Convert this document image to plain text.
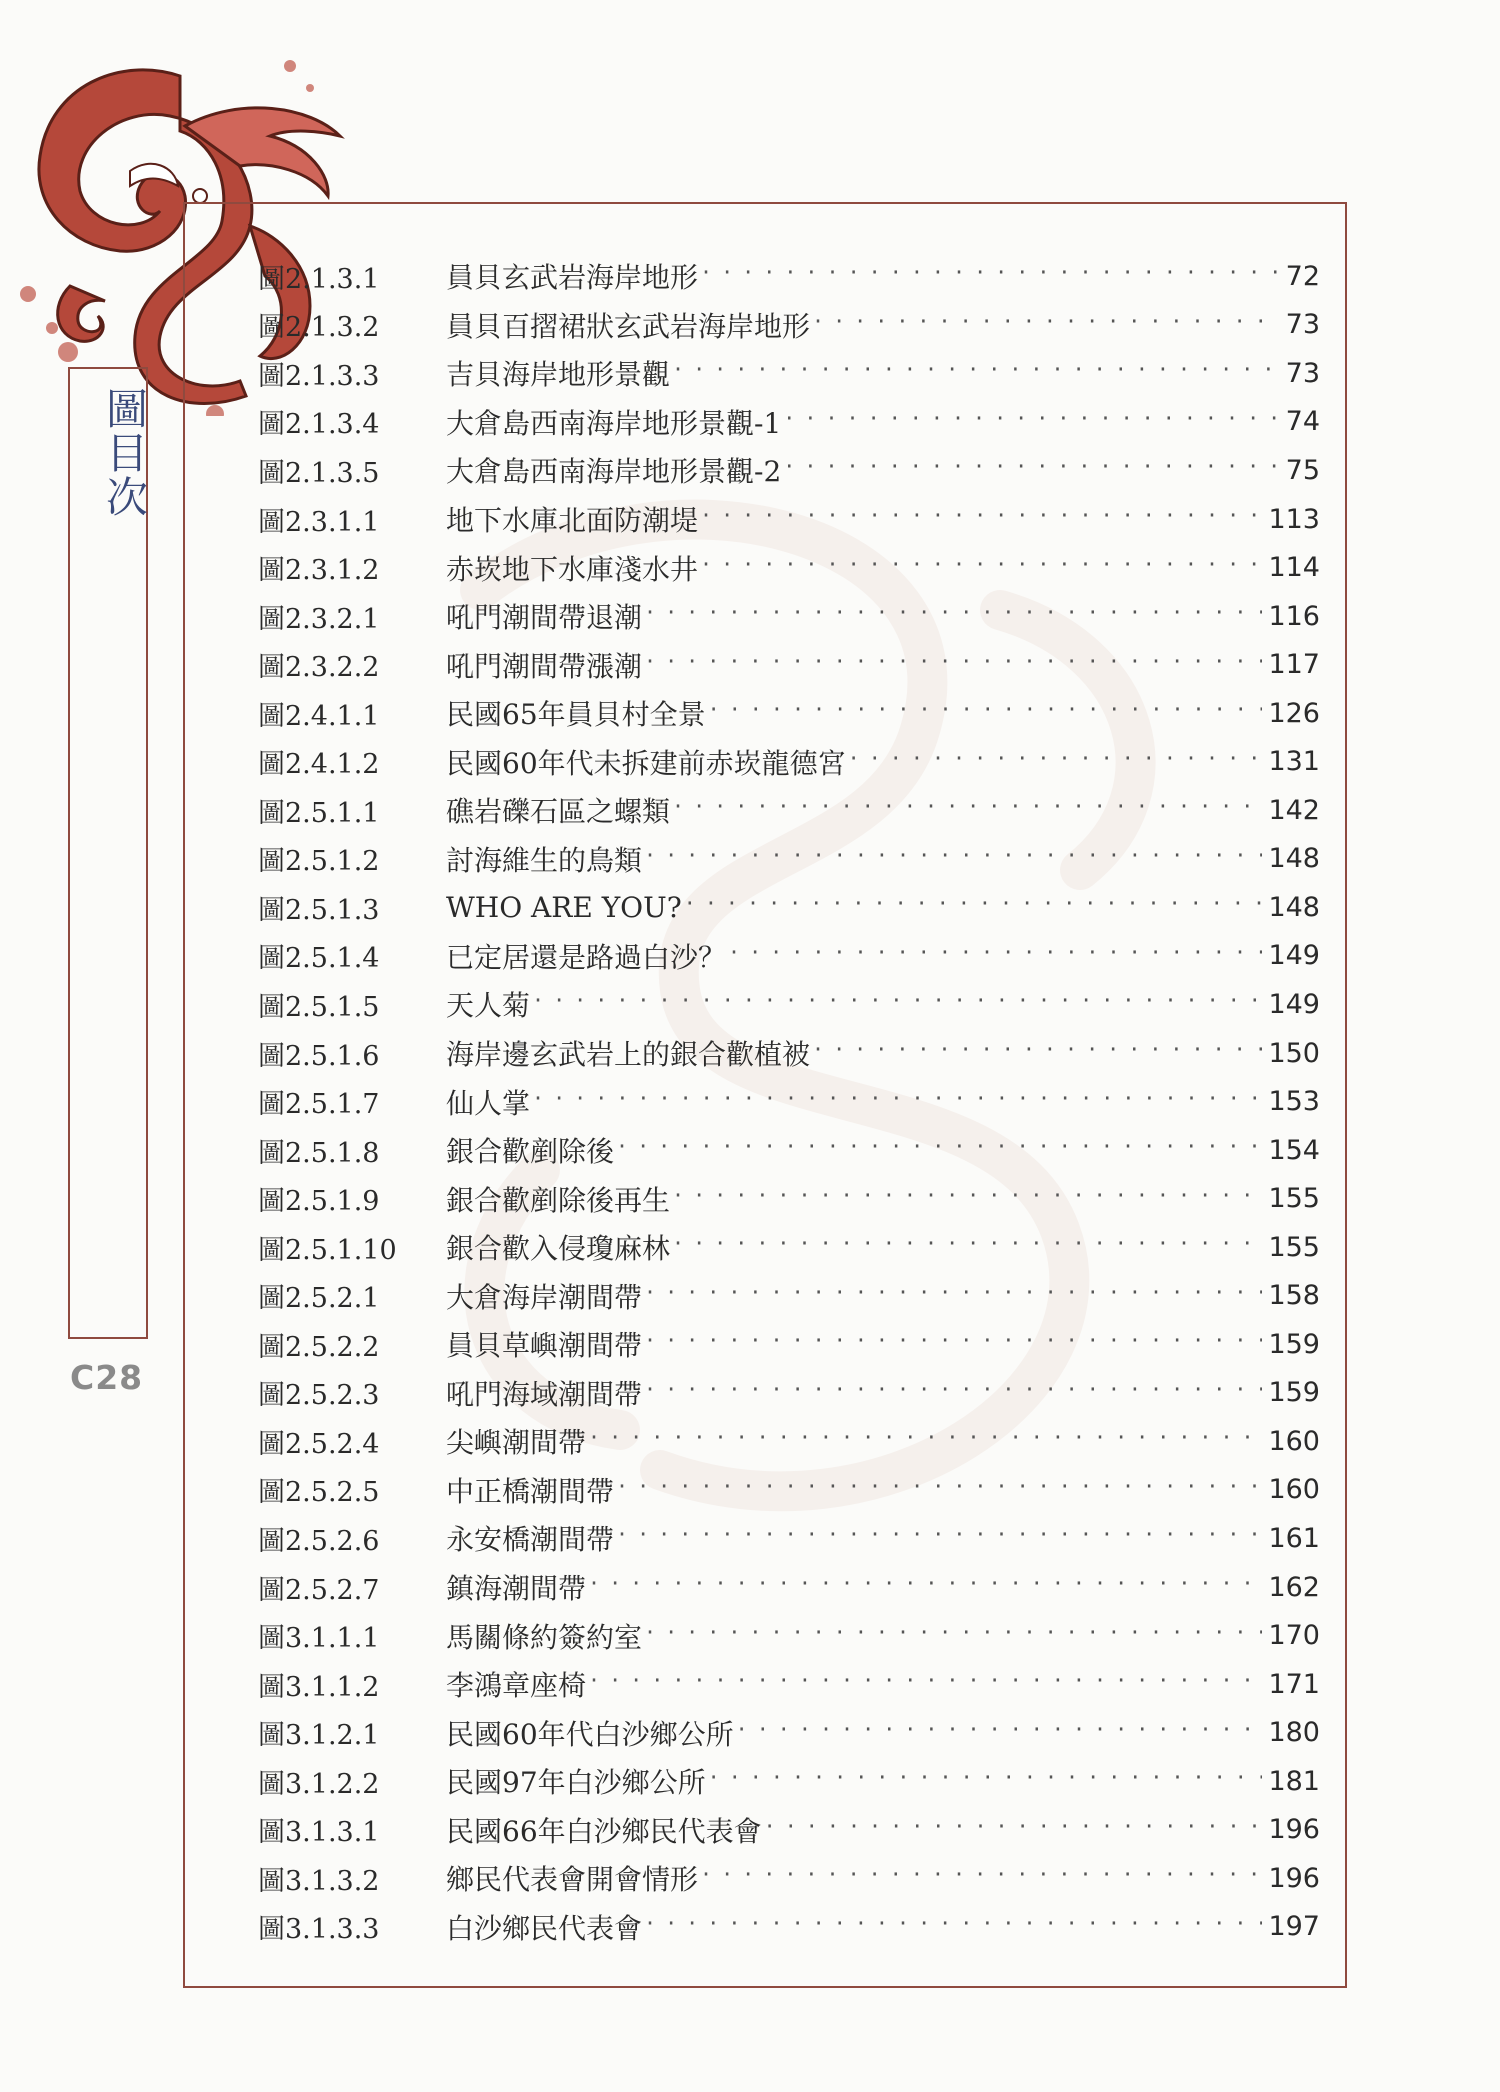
圖目次
C28
圖2.1.3.1	員貝玄武岩海岸地形 · · ·	72
圖2.1.3.2	員貝百摺裙狀玄武岩海岸地形 · · ·	73
圖2.1.3.3	吉貝海岸地形景觀 · · ·	73
圖2.1.3.4	大倉島西南海岸地形景觀-1 · · ·	74
圖2.1.3.5	大倉島西南海岸地形景觀-2 · · ·	75
圖2.3.1.1	地下水庫北面防潮堤 · · ·	113
圖2.3.1.2	赤崁地下水庫淺水井 · · ·	114
圖2.3.2.1	吼門潮間帶退潮 · · ·	116
圖2.3.2.2	吼門潮間帶漲潮 · · ·	117
圖2.4.1.1	民國65年員貝村全景 · · ·	126
圖2.4.1.2	民國60年代未拆建前赤崁龍德宮 · · ·	131
圖2.5.1.1	礁岩礫石區之螺類 · · ·	142
圖2.5.1.2	討海維生的鳥類 · · ·	148
圖2.5.1.3	WHO ARE YOU? · · ·	148
圖2.5.1.4	已定居還是路過白沙？ · · ·	149
圖2.5.1.5	天人菊 · · ·	149
圖2.5.1.6	海岸邊玄武岩上的銀合歡植被 · · ·	150
圖2.5.1.7	仙人掌 · · ·	153
圖2.5.1.8	銀合歡剷除後 · · ·	154
圖2.5.1.9	銀合歡剷除後再生 · · ·	155
圖2.5.1.10	銀合歡入侵瓊麻林 · · ·	155
圖2.5.2.1	大倉海岸潮間帶 · · ·	158
圖2.5.2.2	員貝草嶼潮間帶 · · ·	159
圖2.5.2.3	吼門海域潮間帶 · · ·	159
圖2.5.2.4	尖嶼潮間帶 · · ·	160
圖2.5.2.5	中正橋潮間帶 · · ·	160
圖2.5.2.6	永安橋潮間帶 · · ·	161
圖2.5.2.7	鎮海潮間帶 · · ·	162
圖3.1.1.1	馬關條約簽約室 · · ·	170
圖3.1.1.2	李鴻章座椅 · · ·	171
圖3.1.2.1	民國60年代白沙鄉公所 · · ·	180
圖3.1.2.2	民國97年白沙鄉公所 · · ·	181
圖3.1.3.1	民國66年白沙鄉民代表會 · · ·	196
圖3.1.3.2	鄉民代表會開會情形 · · ·	196
圖3.1.3.3	白沙鄉民代表會 · · ·	197
